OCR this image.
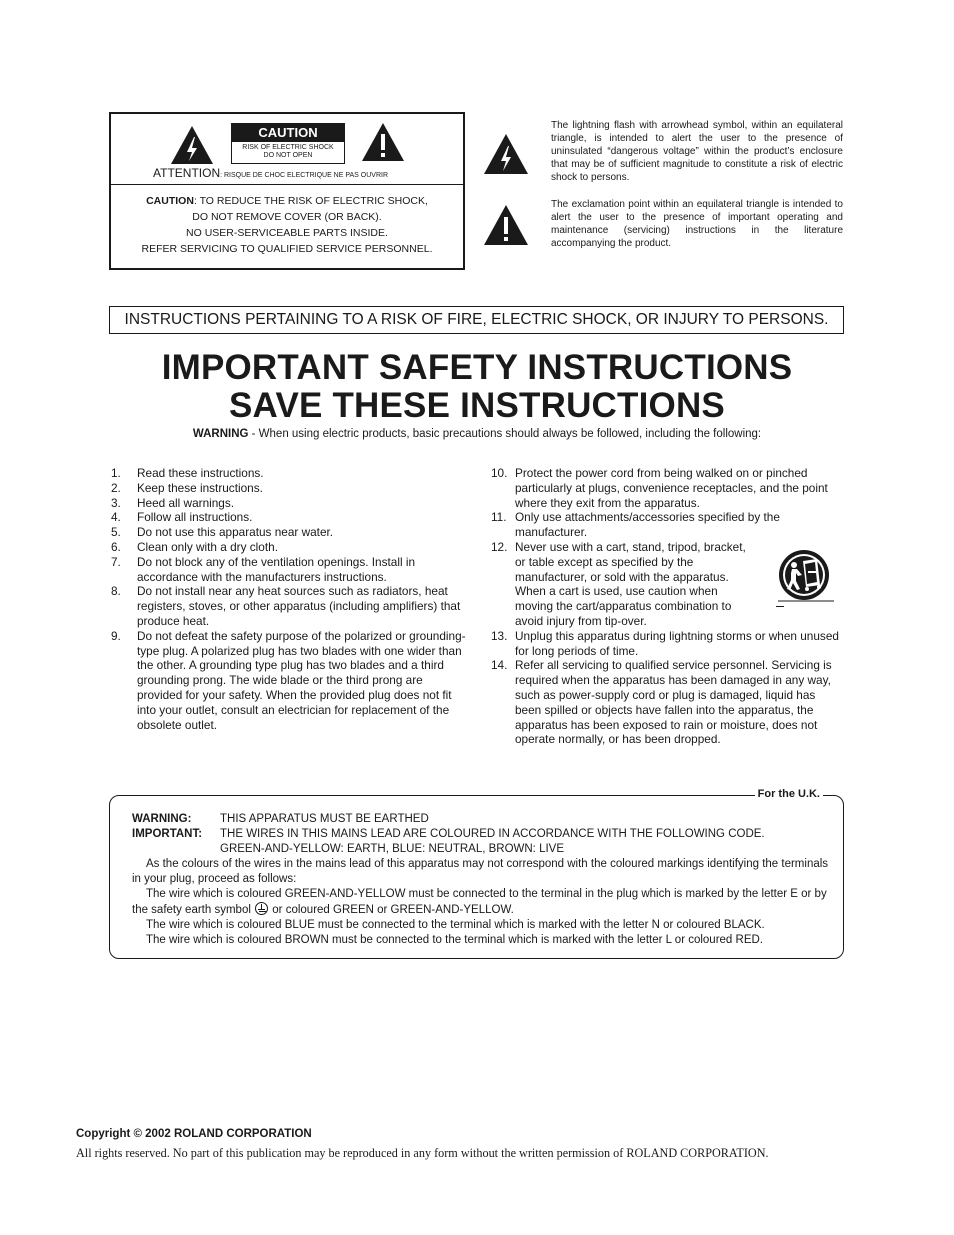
CAUTION
RISK OF ELECTRIC SHOCK
DO NOT OPEN
ATTENTION: RISQUE DE CHOC ELECTRIQUE NE PAS OUVRIR
CAUTION: TO REDUCE THE RISK OF ELECTRIC SHOCK,
DO NOT REMOVE COVER (OR BACK).
NO USER-SERVICEABLE PARTS INSIDE.
REFER SERVICING TO QUALIFIED SERVICE PERSONNEL.
The lightning flash with arrowhead symbol, within an equilateral triangle, is intended to alert the user to the presence of uninsulated “dangerous voltage” within the product’s enclosure that may be of sufficient magnitude to constitute a risk of electric shock to persons.
The exclamation point within an equilateral triangle is intended to alert the user to the presence of important operating and maintenance (servicing) instructions in the literature accompanying the product.
INSTRUCTIONS PERTAINING TO A RISK OF FIRE, ELECTRIC SHOCK, OR INJURY TO PERSONS.
IMPORTANT SAFETY INSTRUCTIONS
SAVE THESE INSTRUCTIONS
WARNING - When using electric products, basic precautions should always be followed, including the following:
1. Read these instructions.
2. Keep these instructions.
3. Heed all warnings.
4. Follow all instructions.
5. Do not use this apparatus near water.
6. Clean only with a dry cloth.
7. Do not block any of the ventilation openings. Install in accordance with the manufacturers instructions.
8. Do not install near any heat sources such as radiators, heat registers, stoves, or other apparatus (including amplifiers) that produce heat.
9. Do not defeat the safety purpose of the polarized or grounding-type plug. A polarized plug has two blades with one wider than the other. A grounding type plug has two blades and a third grounding prong. The wide blade or the third prong are provided for your safety. When the provided plug does not fit into your outlet, consult an electrician for replacement of the obsolete outlet.
10. Protect the power cord from being walked on or pinched particularly at plugs, convenience receptacles, and the point where they exit from the apparatus.
11. Only use attachments/accessories specified by the manufacturer.
12. Never use with a cart, stand, tripod, bracket, or table except as specified by the manufacturer, or sold with the apparatus. When a cart is used, use caution when moving the cart/apparatus combination to avoid injury from tip-over.
13. Unplug this apparatus during lightning storms or when unused for long periods of time.
14. Refer all servicing to qualified service personnel. Servicing is required when the apparatus has been damaged in any way, such as power-supply cord or plug is damaged, liquid has been spilled or objects have fallen into the apparatus, the apparatus has been exposed to rain or moisture, does not operate normally, or has been dropped.
For the U.K.
WARNING: THIS APPARATUS MUST BE EARTHED
IMPORTANT: THE WIRES IN THIS MAINS LEAD ARE COLOURED IN ACCORDANCE WITH THE FOLLOWING CODE.
GREEN-AND-YELLOW: EARTH, BLUE: NEUTRAL, BROWN: LIVE
As the colours of the wires in the mains lead of this apparatus may not correspond with the coloured markings identifying the terminals in your plug, proceed as follows:
The wire which is coloured GREEN-AND-YELLOW must be connected to the terminal in the plug which is marked by the letter E or by the safety earth symbol  or coloured GREEN or GREEN-AND-YELLOW.
The wire which is coloured BLUE must be connected to the terminal which is marked with the letter N or coloured BLACK.
The wire which is coloured BROWN must be connected to the terminal which is marked with the letter L or coloured RED.
Copyright © 2002 ROLAND CORPORATION
All rights reserved. No part of this publication may be reproduced in any form without the written permission of ROLAND CORPORATION.
